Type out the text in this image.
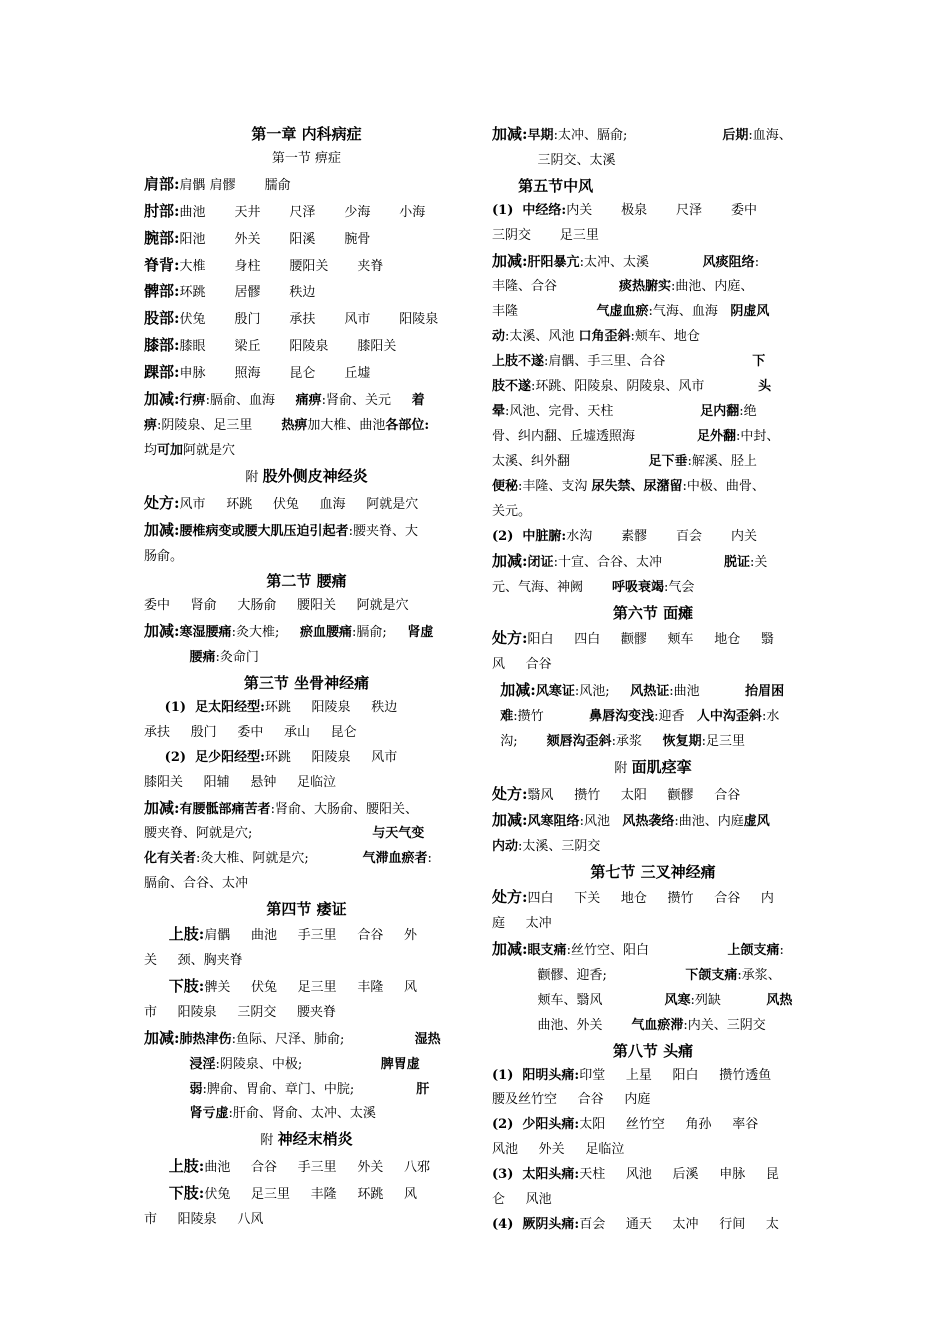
第一章 内科病症
第一节 痹症
肩部:肩髃 肩髎       臑俞
肘部:曲池       天井       尺泽       少海       小海
腕部:阳池       外关       阳溪       腕骨
脊背:大椎       身柱       腰阳关       夹脊
髀部:环跳       居髎       秩边
股部:伏兔       殷门       承扶       风市       阳陵泉
膝部:膝眼       梁丘       阳陵泉       膝阳关
踝部:申脉       照海       昆仑       丘墟
加减:行痹:膈俞、血海     痛痹:肾俞、关元     着
痹:阴陵泉、足三里       热痹加大椎、曲池各部位:
均可加阿就是穴
附 股外侧皮神经炎
处方:风市     环跳     伏兔     血海     阿就是穴
加减:腰椎病变或腰大肌压迫引起者:腰夹脊、大
肠俞。
第二节 腰痛
委中     肾俞     大肠俞     腰阳关     阿就是穴
加减:寒湿腰痛:灸大椎;     瘀血腰痛:膈俞;     肾虚
腰痛:灸命门
第三节 坐骨神经痛
(1)  足太阳经型:环跳     阳陵泉     秩边
承扶     殷门     委中     承山     昆仑
(2)  足少阳经型:环跳     阳陵泉     风市
膝阳关     阳辅     悬钟     足临泣
加减:有腰骶部痛苦者:肾俞、大肠俞、腰阳关、
腰夹脊、阿就是穴;                             与天气变
化有关者:灸大椎、阿就是穴;             气滞血瘀者:
膈俞、合谷、太冲
第四节 痿证
上肢:肩髃     曲池     手三里     合谷     外
关     颈、胸夹脊
下肢:髀关     伏兔     足三里     丰隆     风
市     阳陵泉     三阴交     腰夹脊
加减:肺热津伤:鱼际、尺泽、肺俞;                 湿热
浸淫:阴陵泉、中极;                   脾胃虚
弱:脾俞、胃俞、章门、中脘;               肝
肾亏虚:肝俞、肾俞、太冲、太溪
附 神经末梢炎
上肢:曲池     合谷     手三里     外关     八邪
下肢:伏兔     足三里     丰隆     环跳     风
市     阳陵泉     八风
加减:早期:太冲、膈俞;                       后期:血海、
三阴交、太溪
第五节中风
(1)  中经络:内关       极泉       尺泽       委中
三阴交       足三里
加减:肝阳暴亢:太冲、太溪             风痰阻络:
丰隆、合谷               痰热腑实:曲池、内庭、
丰隆                   气虚血瘀:气海、血海   阴虚风
动:太溪、风池 口角歪斜:颊车、地仓
上肢不遂:肩髃、手三里、合谷                     下
肢不遂:环跳、阳陵泉、阴陵泉、风市             头
晕:风池、完骨、天柱                     足内翻:绝
骨、纠内翻、丘墟透照海               足外翻:中封、
太溪、纠外翻                   足下垂:解溪、胫上
便秘:丰隆、支沟 尿失禁、尿潴留:中极、曲骨、
关元。
(2)  中脏腑:水沟       素髎       百会       内关
加减:闭证:十宣、合谷、太冲               脱证:关
元、气海、神阙       呼吸衰竭:气会
第六节 面瘫
处方:阳白     四白     颧髎     颊车     地仓     翳
风     合谷
加减:风寒证:风池;     风热证:曲池           抬眉困
难:攒竹           鼻唇沟变浅:迎香   人中沟歪斜:水
沟;       颏唇沟歪斜:承浆     恢复期:足三里
附 面肌痉挛
处方:翳风     攒竹     太阳     颧髎     合谷
加减:风寒阻络:风池   风热袭络:曲池、内庭虚风
内动:太溪、三阴交
第七节 三叉神经痛
处方:四白     下关     地仓     攒竹     合谷     内
庭     太冲
加减:眼支痛:丝竹空、阳白                   上颌支痛:
颧髎、迎香;                   下颌支痛:承浆、
颊车、翳风               风寒:列缺           风热
曲池、外关       气血瘀滞:内关、三阴交
第八节 头痛
(1)  阳明头痛:印堂     上星     阳白     攒竹透鱼
腰及丝竹空     合谷     内庭
(2)  少阳头痛:太阳     丝竹空     角孙     率谷
风池     外关     足临泣
(3)  太阳头痛:天柱     风池     后溪     申脉     昆
仑     风池
(4)  厥阴头痛:百会     通天     太冲     行间     太
